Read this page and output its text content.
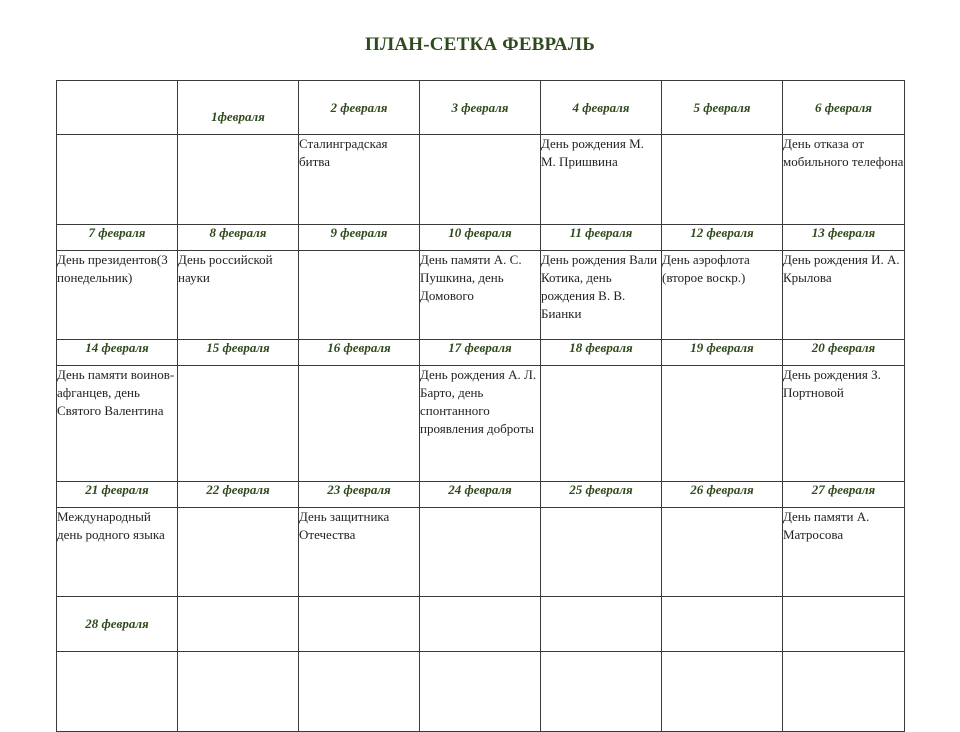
ПЛАН-СЕТКА ФЕВРАЛЬ
	1февраля	2 февраля	3 февраля	4 февраля	5 февраля	6 февраля
		Сталинградская битва		День рождения М. М. Пришвина		День отказа от мобильного телефона
7 февраля	8 февраля	9 февраля	10 февраля	11 февраля	12 февраля	13 февраля
День президентов(3 понедельник)	День российской науки		День памяти А. С. Пушкина, день Домового	День рождения Вали Котика, день рождения В. В. Бианки	День аэрофлота (второе воскр.)	День рождения И. А. Крылова
14 февраля	15 февраля	16 февраля	17 февраля	18 февраля	19 февраля	20 февраля
День памяти воинов-афганцев, день Святого Валентина			День рождения А. Л. Барто, день спонтанного проявления доброты			День рождения З. Портновой
21 февраля	22 февраля	23 февраля	24 февраля	25 февраля	26 февраля	27 февраля
Международный день родного языка		День защитника Отечества				День памяти А. Матросова
28 февраля						
